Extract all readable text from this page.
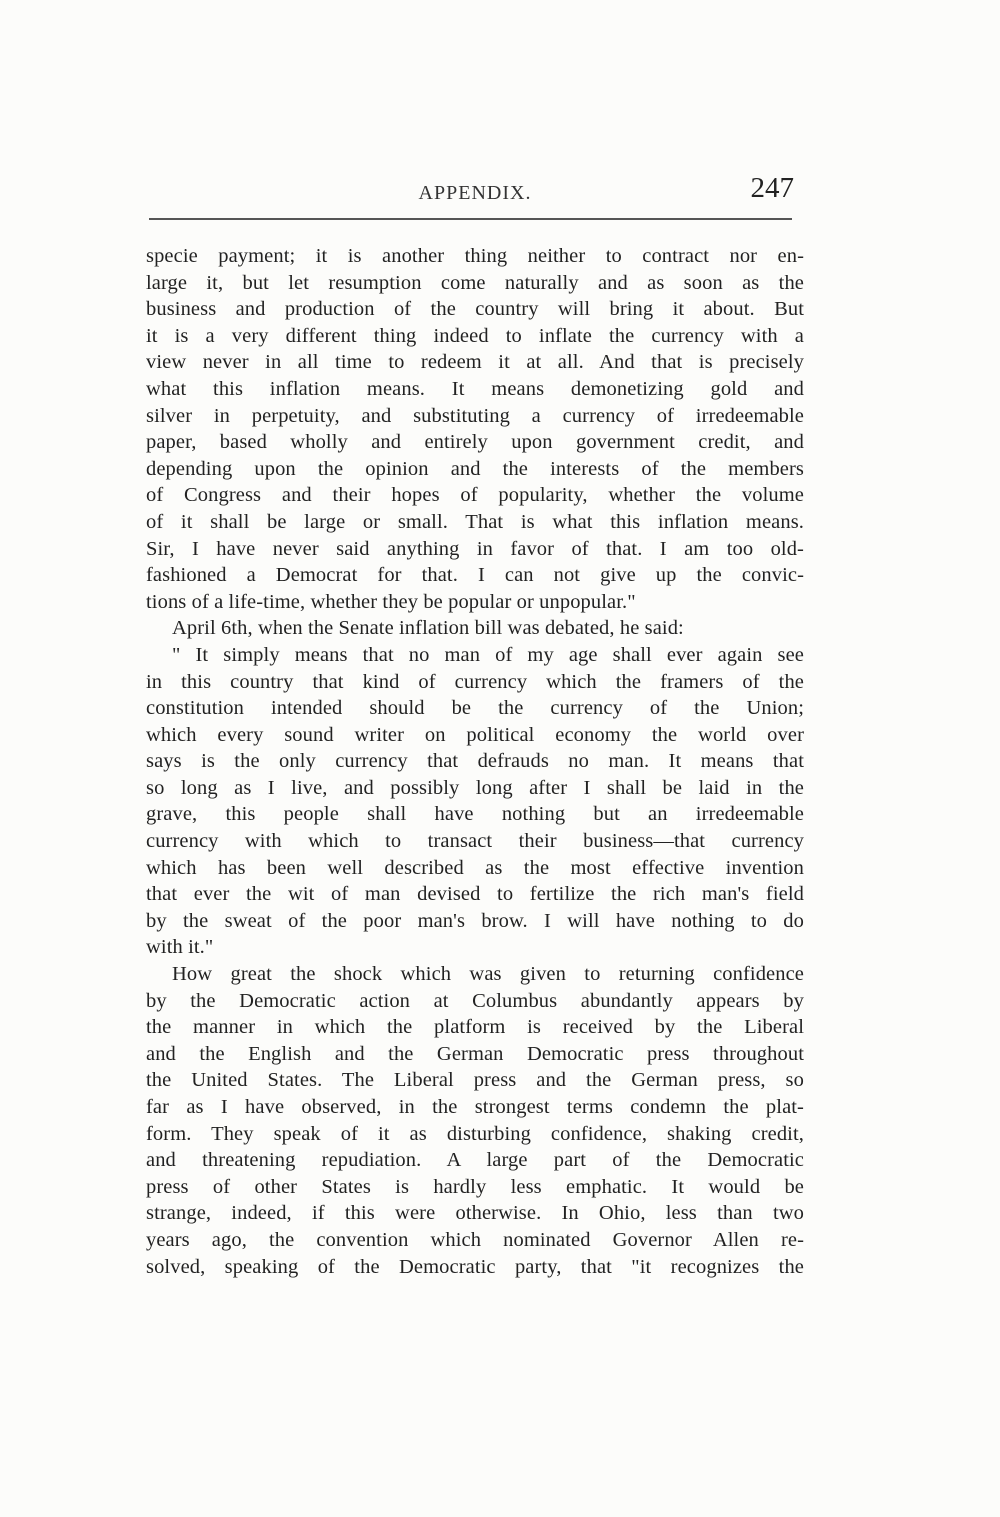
APPENDIX.	247
specie payment; it is another thing neither to contract nor en-
large it, but let resumption come naturally and as soon as the
business and production of the country will bring it about. But
it is a very different thing indeed to inflate the currency with a
view never in all time to redeem it at all. And that is precisely
what this inflation means. It means demonetizing gold and
silver in perpetuity, and substituting a currency of irredeemable
paper, based wholly and entirely upon government credit, and
depending upon the opinion and the interests of the members
of Congress and their hopes of popularity, whether the volume
of it shall be large or small. That is what this inflation means.
Sir, I have never said anything in favor of that. I am too old-
fashioned a Democrat for that. I can not give up the convic-
tions of a life-time, whether they be popular or unpopular."
April 6th, when the Senate inflation bill was debated, he said:
" It simply means that no man of my age shall ever again see
in this country that kind of currency which the framers of the
constitution intended should be the currency of the Union;
which every sound writer on political economy the world over
says is the only currency that defrauds no man. It means that
so long as I live, and possibly long after I shall be laid in the
grave, this people shall have nothing but an irredeemable
currency with which to transact their business—that currency
which has been well described as the most effective invention
that ever the wit of man devised to fertilize the rich man's field
by the sweat of the poor man's brow. I will have nothing to do
with it."
How great the shock which was given to returning confidence
by the Democratic action at Columbus abundantly appears by
the manner in which the platform is received by the Liberal
and the English and the German Democratic press throughout
the United States. The Liberal press and the German press, so
far as I have observed, in the strongest terms condemn the plat-
form. They speak of it as disturbing confidence, shaking credit,
and threatening repudiation. A large part of the Democratic
press of other States is hardly less emphatic. It would be
strange, indeed, if this were otherwise. In Ohio, less than two
years ago, the convention which nominated Governor Allen re-
solved, speaking of the Democratic party, that "it recognizes the
